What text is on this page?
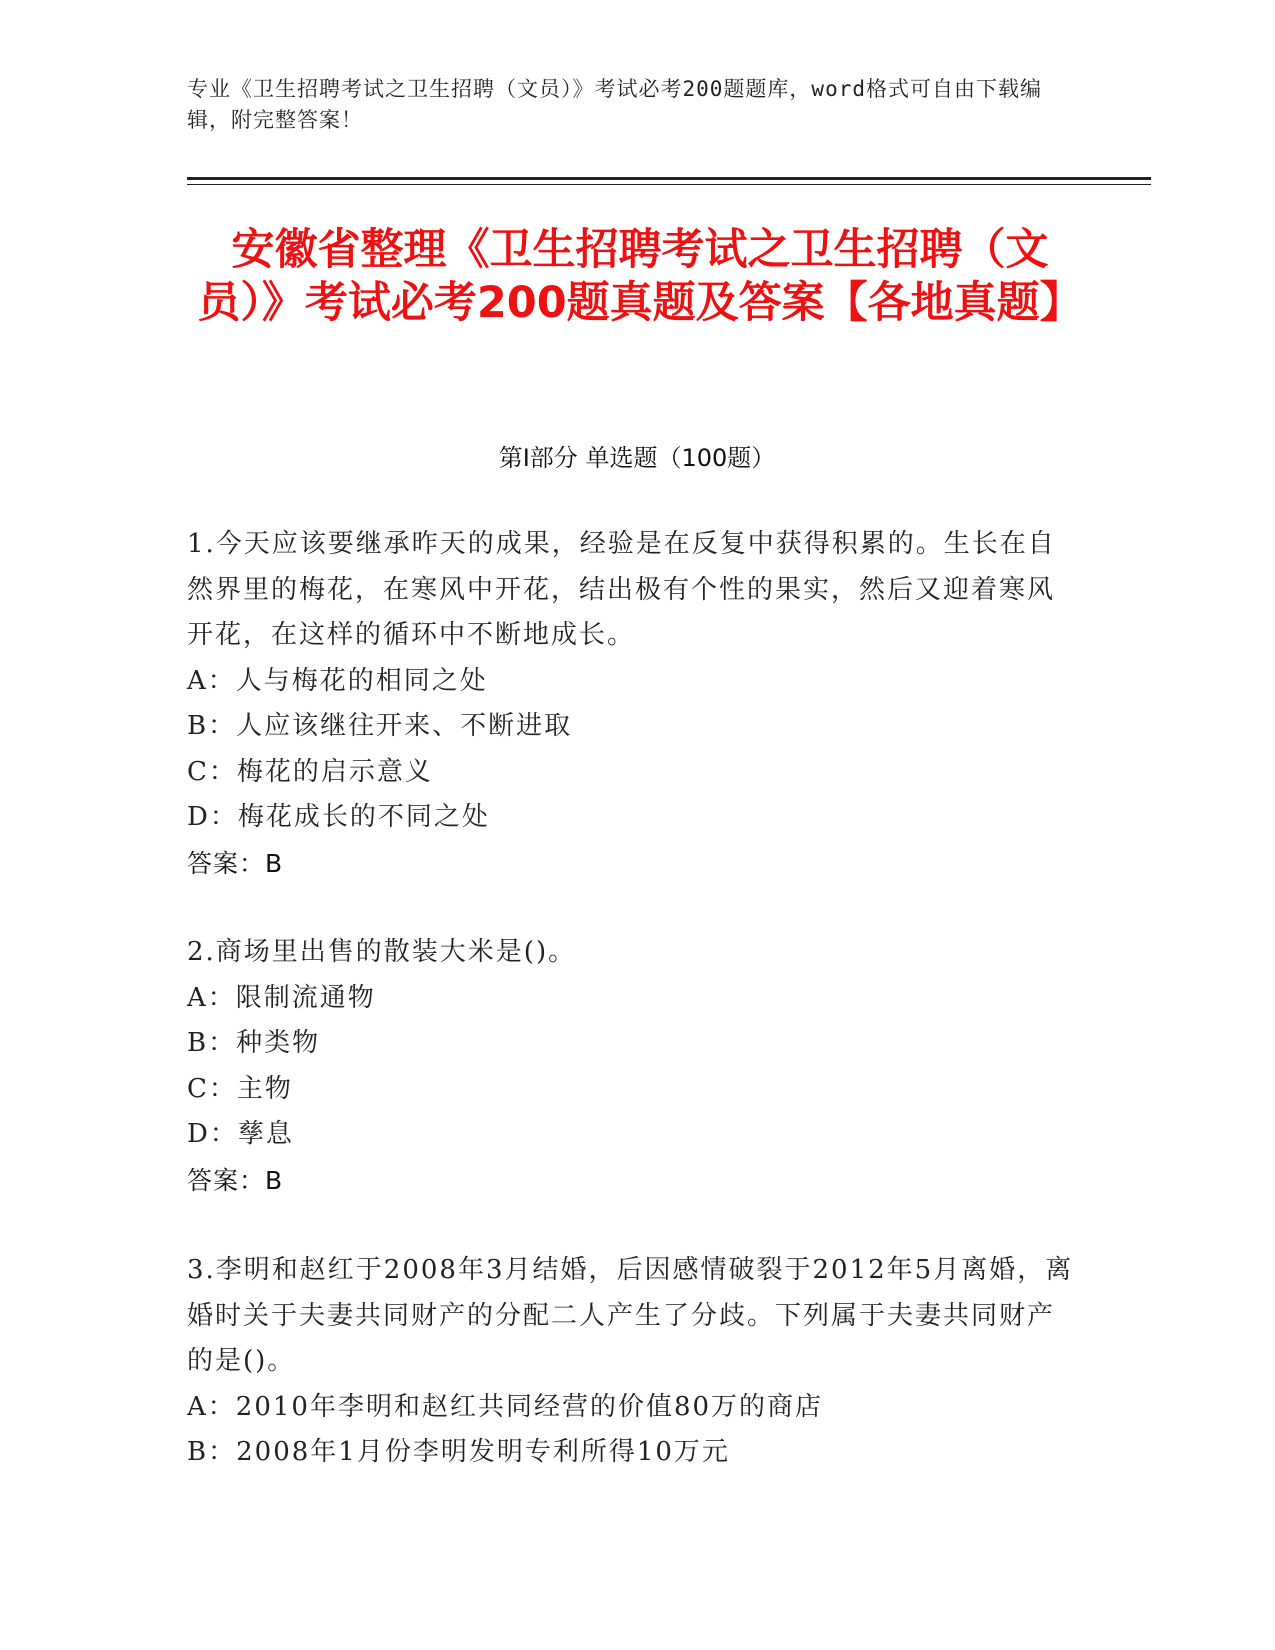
专业《卫生招聘考试之卫生招聘（文员）》考试必考200题题库，word格式可自由下载编辑，附完整答案！
安徽省整理《卫生招聘考试之卫生招聘（文员）》考试必考200题真题及答案【各地真题】
第I部分 单选题（100题）

1.今天应该要继承昨天的成果，经验是在反复中获得积累的。生长在自然界里的梅花，在寒风中开花，结出极有个性的果实，然后又迎着寒风开花，在这样的循环中不断地成长。

A：人与梅花的相同之处

B：人应该继往开来、不断进取

C：梅花的启示意义

D：梅花成长的不同之处

答案：B

2.商场里出售的散装大米是()。

A：限制流通物

B：种类物

C：主物

D：孳息

答案：B

3.李明和赵红于2008年3月结婚，后因感情破裂于2012年5月离婚，离婚时关于夫妻共同财产的分配二人产生了分歧。下列属于夫妻共同财产的是()。

A：2010年李明和赵红共同经营的价值80万的商店

B：2008年1月份李明发明专利所得10万元
